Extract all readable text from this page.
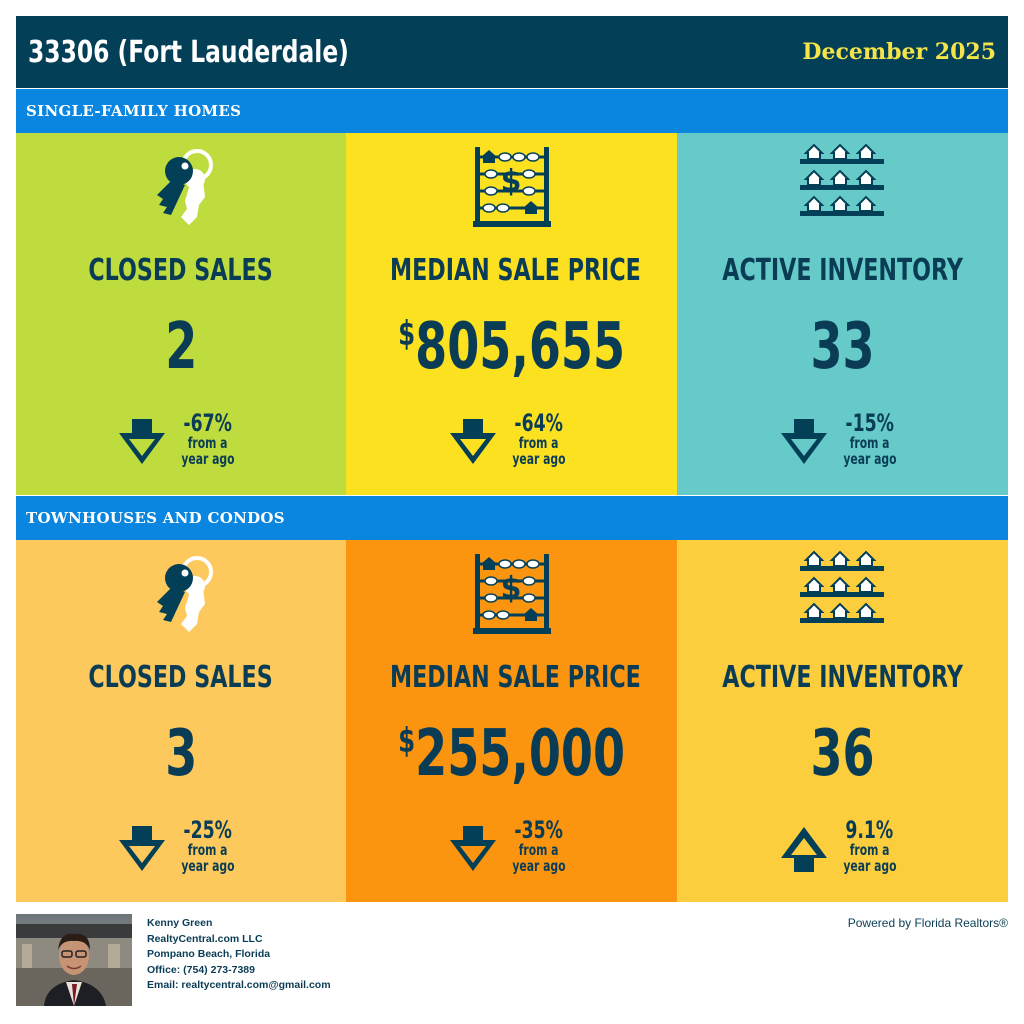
33306 (Fort Lauderdale)	December 2025
SINGLE-FAMILY HOMES
CLOSED SALES
2
-67%
from a
year ago
$
MEDIAN SALE PRICE
$805,655
-64%
from a
year ago
ACTIVE INVENTORY
33
-15%
from a
year ago
TOWNHOUSES AND CONDOS
CLOSED SALES
3
-25%
from a
year ago
$
MEDIAN SALE PRICE
$255,000
-35%
from a
year ago
ACTIVE INVENTORY
36
9.1%
from a
year ago
Kenny Green
RealtyCentral.com LLC
Pompano Beach, Florida
Office: (754) 273-7389
Email: realtycentral.com@gmail.com
Powered by Florida Realtors®
